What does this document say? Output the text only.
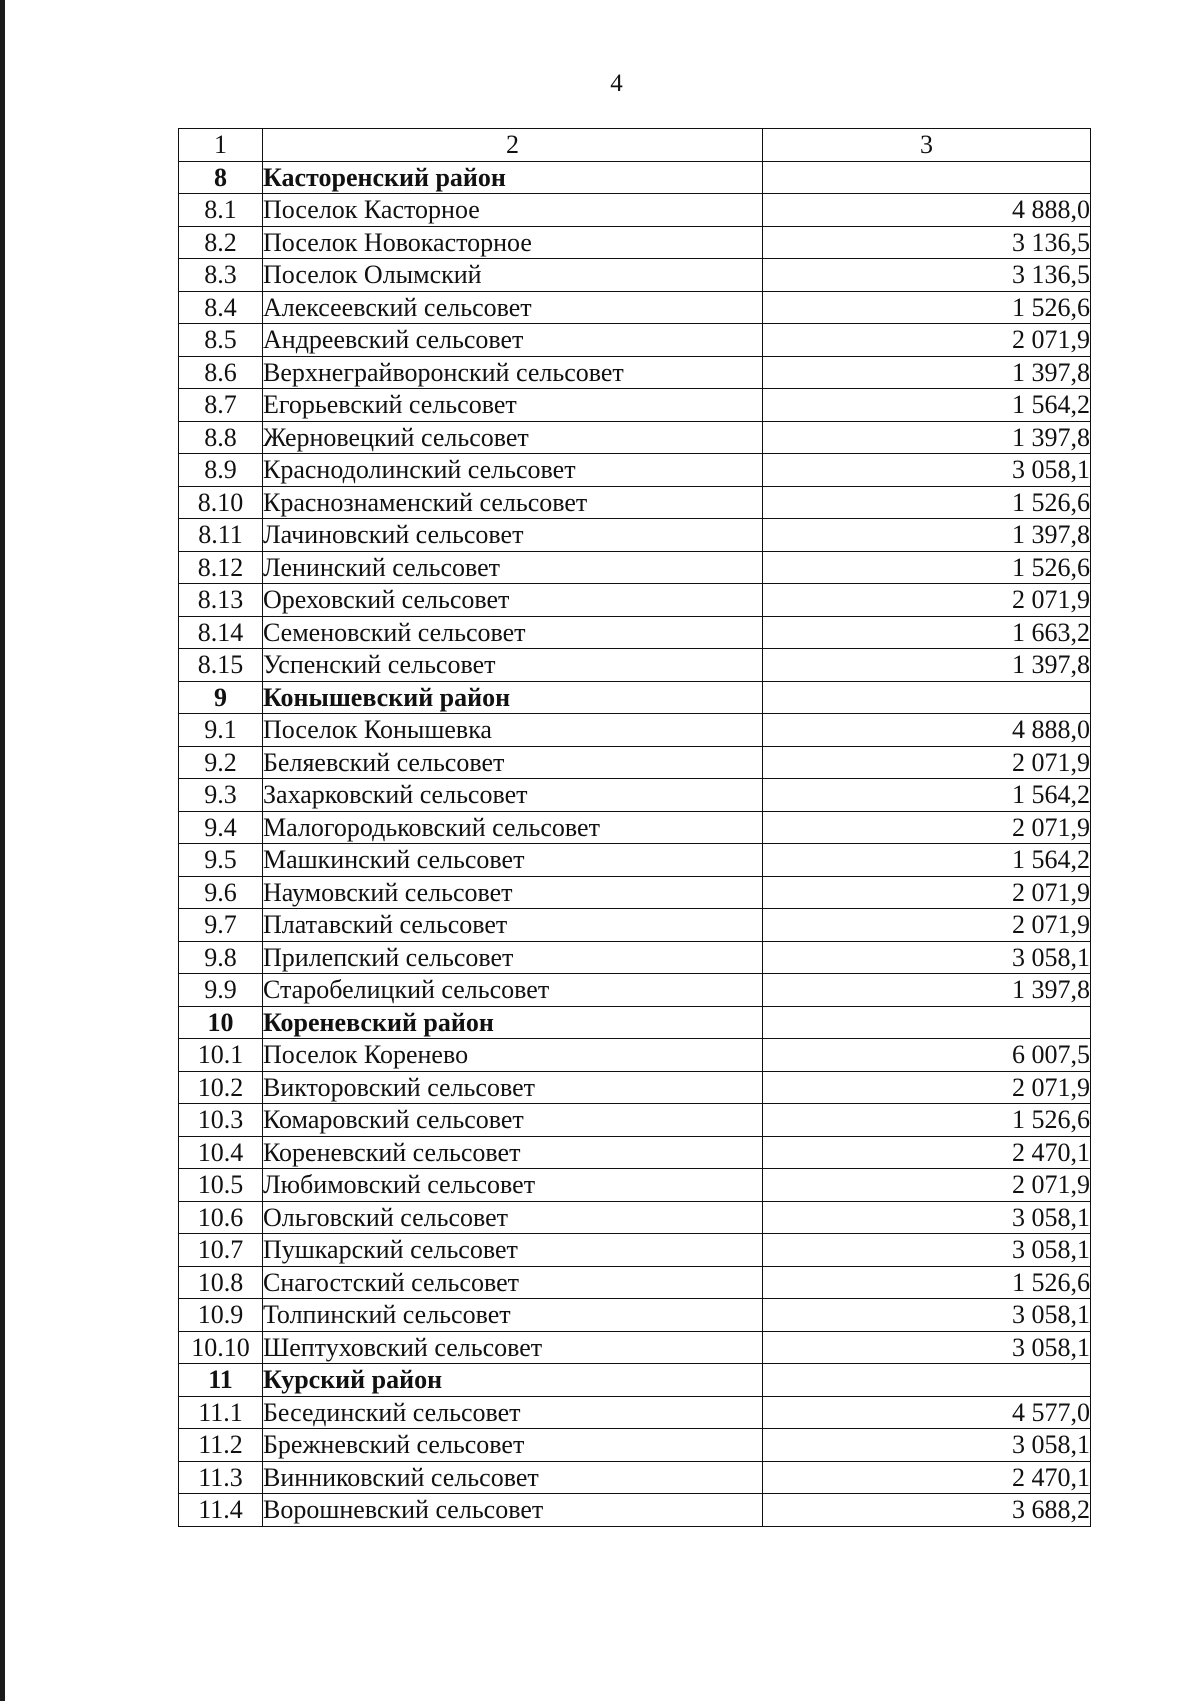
4
1	2	3
8	Касторенский район	
8.1	Поселок Касторное	4 888,0
8.2	Поселок Новокасторное	3 136,5
8.3	Поселок Олымский	3 136,5
8.4	Алексеевский сельсовет	1 526,6
8.5	Андреевский сельсовет	2 071,9
8.6	Верхнеграйворонский сельсовет	1 397,8
8.7	Егорьевский сельсовет	1 564,2
8.8	Жерновецкий сельсовет	1 397,8
8.9	Краснодолинский сельсовет	3 058,1
8.10	Краснознаменский сельсовет	1 526,6
8.11	Лачиновский сельсовет	1 397,8
8.12	Ленинский сельсовет	1 526,6
8.13	Ореховский сельсовет	2 071,9
8.14	Семеновский сельсовет	1 663,2
8.15	Успенский сельсовет	1 397,8
9	Конышевский район	
9.1	Поселок Конышевка	4 888,0
9.2	Беляевский сельсовет	2 071,9
9.3	Захарковский сельсовет	1 564,2
9.4	Малогородьковский сельсовет	2 071,9
9.5	Машкинский сельсовет	1 564,2
9.6	Наумовский сельсовет	2 071,9
9.7	Платавский сельсовет	2 071,9
9.8	Прилепский сельсовет	3 058,1
9.9	Старобелицкий сельсовет	1 397,8
10	Кореневский район	
10.1	Поселок Коренево	6 007,5
10.2	Викторовский сельсовет	2 071,9
10.3	Комаровский сельсовет	1 526,6
10.4	Кореневский сельсовет	2 470,1
10.5	Любимовский сельсовет	2 071,9
10.6	Ольговский сельсовет	3 058,1
10.7	Пушкарский сельсовет	3 058,1
10.8	Снагостский сельсовет	1 526,6
10.9	Толпинский сельсовет	3 058,1
10.10	Шептуховский сельсовет	3 058,1
11	Курский район	
11.1	Бесединский сельсовет	4 577,0
11.2	Брежневский сельсовет	3 058,1
11.3	Винниковский сельсовет	2 470,1
11.4	Ворошневский сельсовет	3 688,2
